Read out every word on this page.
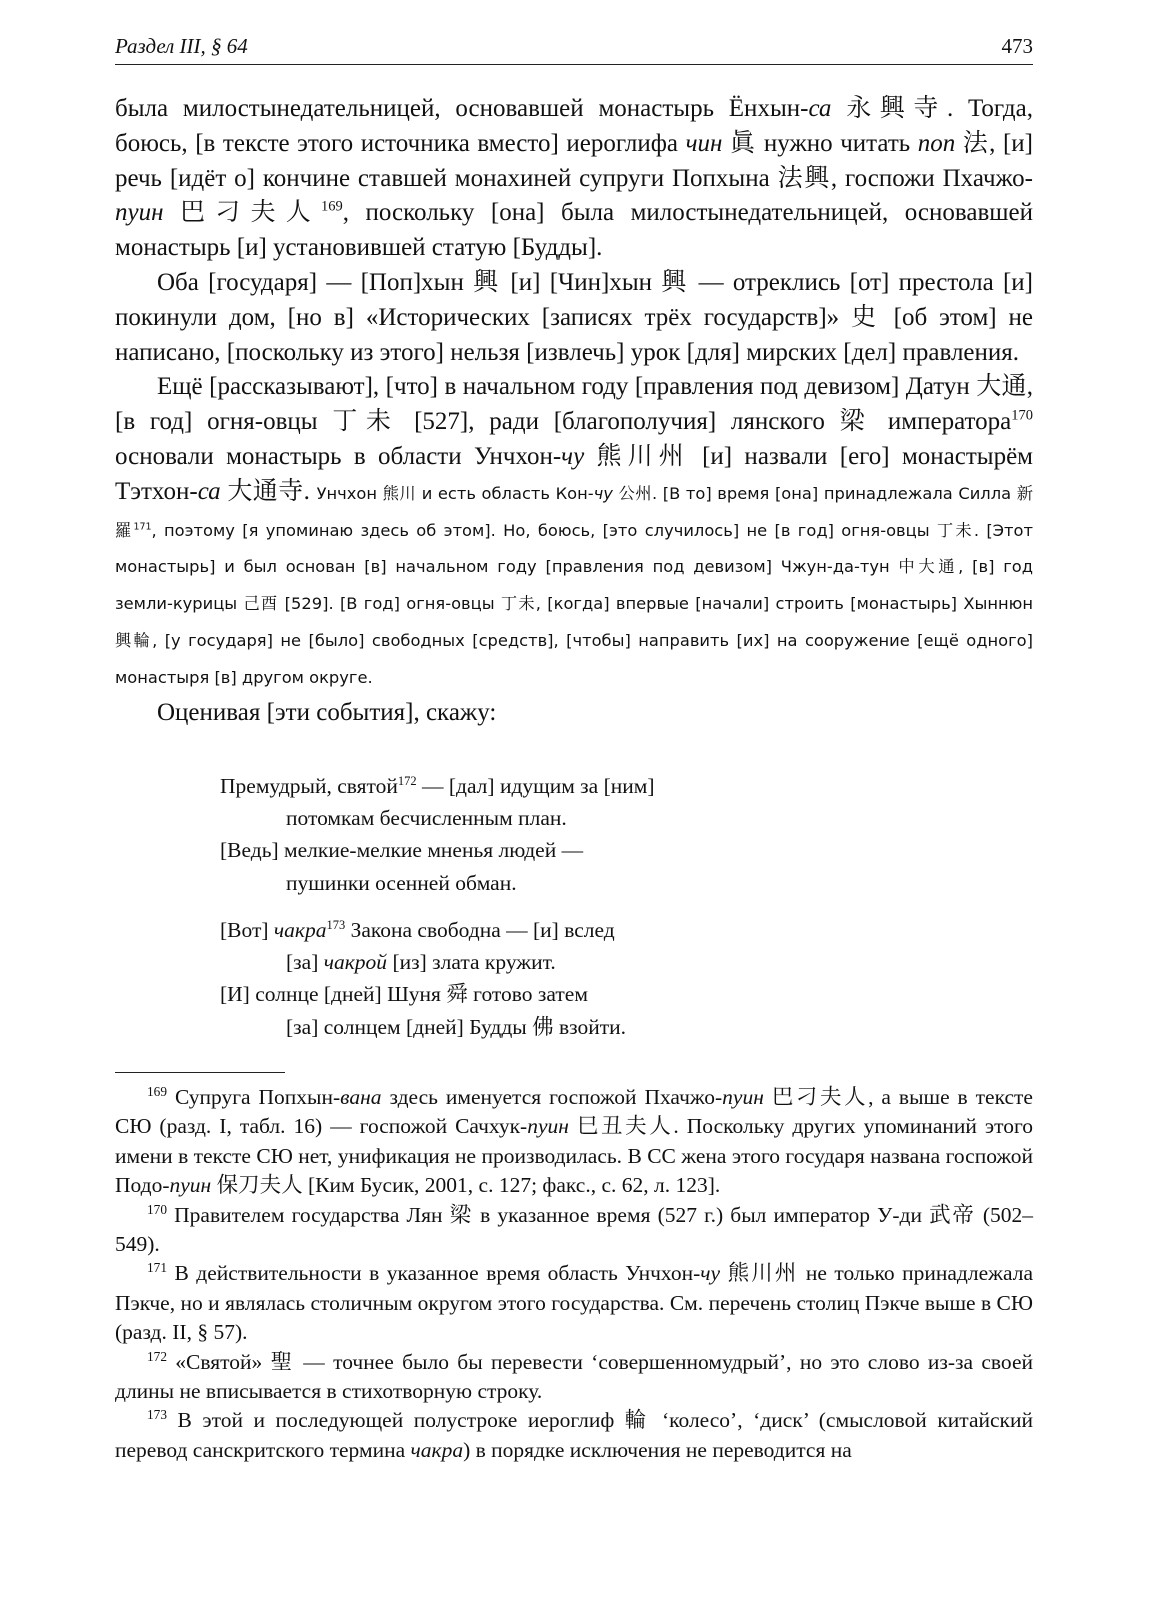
Раздел III, § 64	473

была милостынедательницей, основавшей монастырь Ёнхын-са 永興寺. Тогда, боюсь, [в тексте этого источника вместо] иероглифа чин 眞 нужно читать поп 法, [и] речь [идёт о] кончине ставшей монахиней супруги Попхына 法興, госпожи Пхачжо-пуин 巴刁夫人$^{169}$, поскольку [она] была милостынедательницей, основавшей монастырь [и] установившей статую [Будды].

Оба [государя] — [Поп]хын 興 [и] [Чин]хын 興 — отреклись [от] престола [и] покинули дом, [но в] «Исторических [записях трёх государств]» 史 [об этом] не написано, [поскольку из этого] нельзя [извлечь] урок [для] мирских [дел] правления.

Ещё [рассказывают], [что] в начальном году [правления под девизом] Датун 大通, [в год] огня-овцы 丁未 [527], ради [благополучия] лянского 梁 императора$^{170}$ основали монастырь в области Унчхон-чу 熊川州 [и] назвали [его] монастырём Тэтхон-са 大通寺. Унчхон 熊川 и есть область Кон-чу 公州. [В то] время [она] принадлежала Силла 新羅$^{171}$, поэтому [я упоминаю здесь об этом]. Но, боюсь, [это случилось] не [в год] огня-овцы 丁未. [Этот монастырь] и был основан [в] начальном году [правления под девизом] Чжун-да-тун 中大通, [в] год земли-курицы 己酉 [529]. [В год] огня-овцы 丁未, [когда] впервые [начали] строить [монастырь] Хыннюн 興輪, [у государя] не [было] свободных [средств], [чтобы] направить [их] на сооружение [ещё одного] монастыря [в] другом округе.

Оценивая [эти события], скажу:

Премудрый, святой$^{172}$ — [дал] идущим за [ним]
потомкам бесчисленным план.
[Ведь] мелкие-мелкие мненья людей —
пушинки осенней обман.
[Вот] чакра$^{173}$ Закона свободна — [и] вслед
[за] чакрой [из] злата кружит.
[И] солнце [дней] Шуня 舜 готово затем
[за] солнцем [дней] Будды 佛 взойти.

$^{169}$ Супруга Попхын-вана здесь именуется госпожой Пхачжо-пуин 巴刁夫人, а выше в тексте СЮ (разд. I, табл. 16) — госпожой Сачхук-пуин 巳丑夫人. Поскольку других упоминаний этого имени в тексте СЮ нет, унификация не производилась. В СС жена этого государя названа госпожой Подо-пуин 保刀夫人 [Ким Бусик, 2001, с. 127; факс., с. 62, л. 123].

$^{170}$ Правителем государства Лян 梁 в указанное время (527 г.) был император У-ди 武帝 (502–549).

$^{171}$ В действительности в указанное время область Унчхон-чу 熊川州 не только принадлежала Пэкче, но и являлась столичным округом этого государства. См. перечень столиц Пэкче выше в СЮ (разд. II, § 57).

$^{172}$ «Святой» 聖 — точнее было бы перевести ‘совершенномудрый’, но это слово из-за своей длины не вписывается в стихотворную строку.

$^{173}$ В этой и последующей полустроке иероглиф 輪 ‘колесо’, ‘диск’ (смысловой китайский перевод санскритского термина чакра) в порядке исключения не переводится на
